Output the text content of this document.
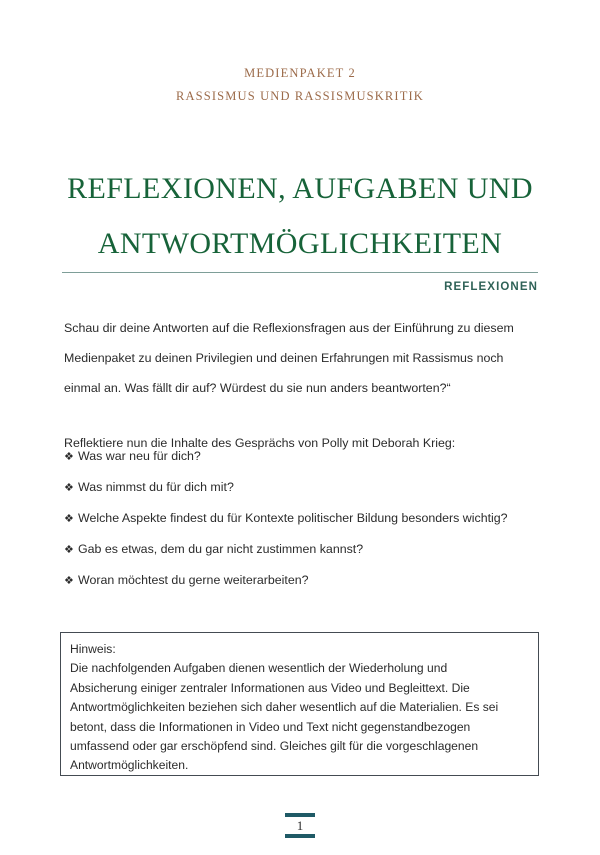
MEDIENPAKET 2
RASSISMUS UND RASSISMUSKRITIK
REFLEXIONEN, AUFGABEN UND
ANTWORTMÖGLICHKEITEN
REFLEXIONEN

Schau dir deine Antworten auf die Reflexionsfragen aus der Einführung zu diesem Medienpaket zu deinen Privilegien und deinen Erfahrungen mit Rassismus noch einmal an. Was fällt dir auf? Würdest du sie nun anders beantworten?“

Reflektiere nun die Inhalte des Gesprächs von Polly mit Deborah Krieg:

❖ Was war neu für dich?
❖ Was nimmst du für dich mit?
❖ Welche Aspekte findest du für Kontexte politischer Bildung besonders wichtig?
❖ Gab es etwas, dem du gar nicht zustimmen kannst?
❖ Woran möchtest du gerne weiterarbeiten?
Hinweis:
Die nachfolgenden Aufgaben dienen wesentlich der Wiederholung und
Absicherung einiger zentraler Informationen aus Video und Begleittext. Die
Antwortmöglichkeiten beziehen sich daher wesentlich auf die Materialien. Es sei
betont, dass die Informationen in Video und Text nicht gegenstandbezogen
umfassend oder gar erschöpfend sind. Gleiches gilt für die vorgeschlagenen
Antwortmöglichkeiten.
1
